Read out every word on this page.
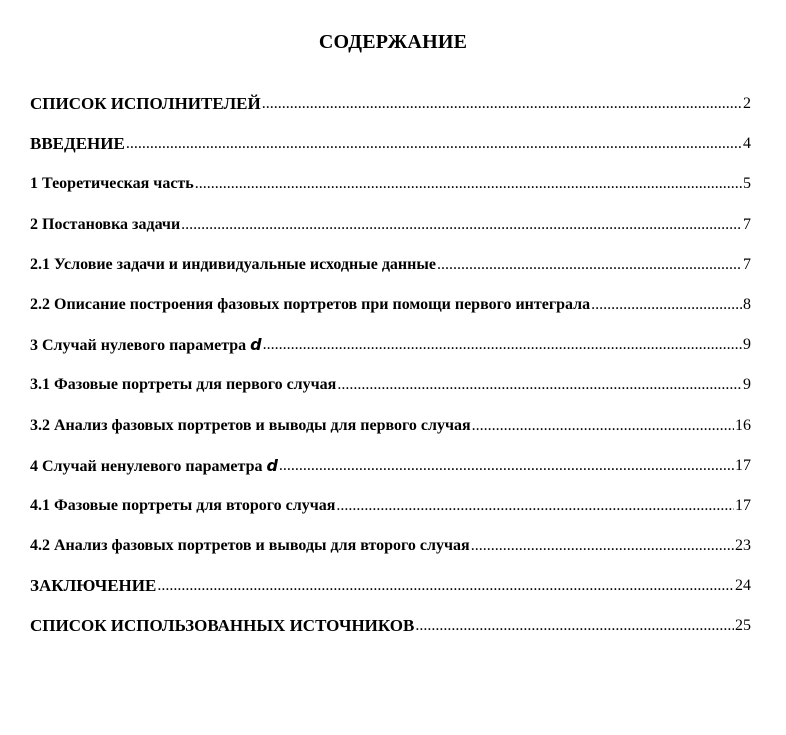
СОДЕРЖАНИЕ
СПИСОК ИСПОЛНИТЕЛЕЙ .....	2
ВВЕДЕНИЕ .....	4
1 Теоретическая часть .....	5
2 Постановка задачи .....	7
2.1 Условие задачи и индивидуальные исходные данные .....	7
2.2 Описание построения фазовых портретов при помощи первого интеграла .....	8
3 Случай нулевого параметра d .....	9
3.1 Фазовые портреты для первого случая .....	9
3.2 Анализ фазовых портретов и выводы для первого случая .....	16
4 Случай ненулевого параметра d .....	17
4.1 Фазовые портреты для второго случая .....	17
4.2 Анализ фазовых портретов и выводы для второго случая .....	23
ЗАКЛЮЧЕНИЕ .....	24
СПИСОК ИСПОЛЬЗОВАННЫХ ИСТОЧНИКОВ .....	25
